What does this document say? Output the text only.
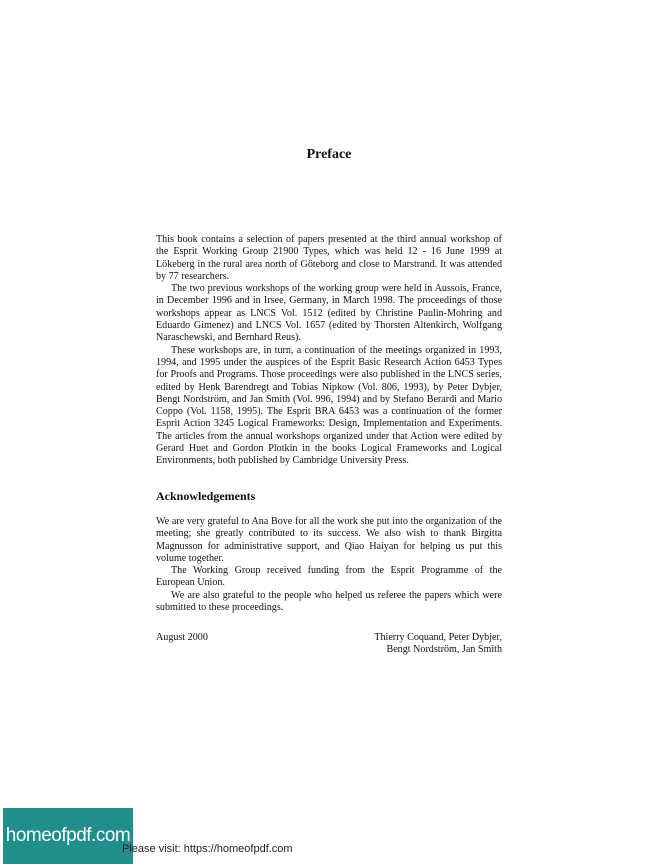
Preface

This book contains a selection of papers presented at the third annual workshop of the Esprit Working Group 21900 Types, which was held 12 - 16 June 1999 at Lökeberg in the rural area north of Göteborg and close to Marstrand. It was attended by 77 researchers.

The two previous workshops of the working group were held in Aussois, France, in December 1996 and in Irsee, Germany, in March 1998. The proceedings of those workshops appear as LNCS Vol. 1512 (edited by Christine Paulin-Mohring and Eduardo Gimenez) and LNCS Vol. 1657 (edited by Thorsten Altenkirch, Wolfgang Naraschewski, and Bernhard Reus).

These workshops are, in turn, a continuation of the meetings organized in 1993, 1994, and 1995 under the auspices of the Esprit Basic Research Action 6453 Types for Proofs and Programs. Those proceedings were also published in the LNCS series, edited by Henk Barendregt and Tobias Nipkow (Vol. 806, 1993), by Peter Dybjer, Bengt Nordström, and Jan Smith (Vol. 996, 1994) and by Stefano Berardi and Mario Coppo (Vol. 1158, 1995). The Esprit BRA 6453 was a continuation of the former Esprit Action 3245 Logical Frameworks: Design, Implementation and Experiments. The articles from the annual workshops organized under that Action were edited by Gerard Huet and Gordon Plotkin in the books Logical Frameworks and Logical Environments, both published by Cambridge University Press.

Acknowledgements

We are very grateful to Ana Bove for all the work she put into the organization of the meeting; she greatly contributed to its success. We also wish to thank Birgitta Magnusson for administrative support, and Qiao Haiyan for helping us put this volume together.

The Working Group received funding from the Esprit Programme of the European Union.

We are also grateful to the people who helped us referee the papers which were submitted to these proceedings.

August 2000	Thierry Coquand, Peter Dybjer,
Bengt Nordström, Jan Smith
homeofpdf.com
Please visit: https://homeofpdf.com
